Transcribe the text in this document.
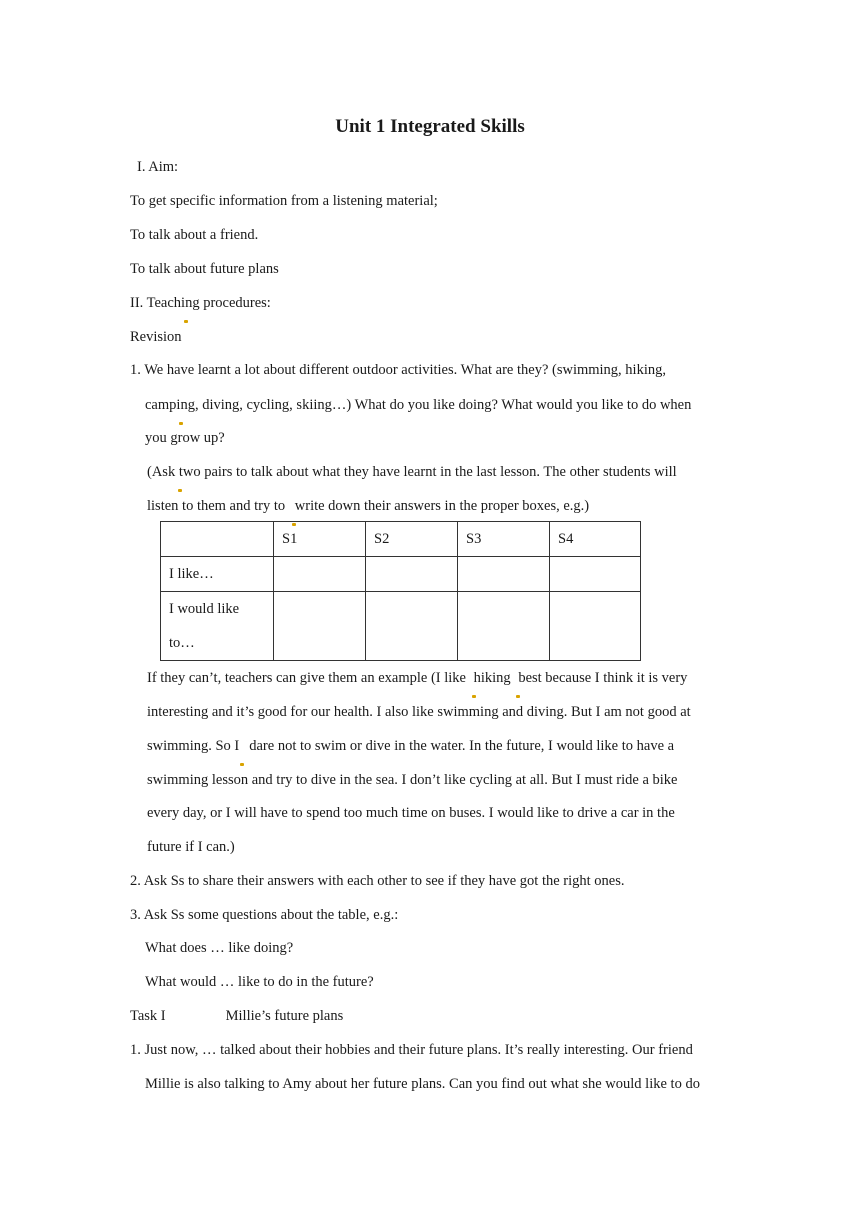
Unit 1 Integrated Skills
I. Aim:
To get specific information from a listening material;
To talk about a friend.
To talk about future plans
II. Teaching procedures:
Revision
1. We have learnt a lot about different outdoor activities. What are they? (swimming, hiking,
camping, diving, cycling, skiing…) What do you like doing? What would you like to do when
you grow up?
(Ask two pairs to talk about what they have learnt in the last lesson. The other students will
listen to them and try to write down their answers in the proper boxes, e.g.)
	S1	S2	S3	S4
I like…				

I would like
to…				

If they can’t, teachers can give them an example (I like hiking best because I think it is very
interesting and it’s good for our health. I also like swimming and diving. But I am not good at
swimming. So I dare not to swim or dive in the water. In the future, I would like to have a
swimming lesson and try to dive in the sea. I don’t like cycling at all. But I must ride a bike
every day, or I will have to spend too much time on buses. I would like to drive a car in the
future if I can.)
2. Ask Ss to share their answers with each other to see if they have got the right ones.
3. Ask Ss some questions about the table, e.g.:
What does … like doing?
What would … like to do in the future?
Task I	Millie’s future plans
1. Just now, … talked about their hobbies and their future plans. It’s really interesting. Our friend
Millie is also talking to Amy about her future plans. Can you find out what she would like to do
